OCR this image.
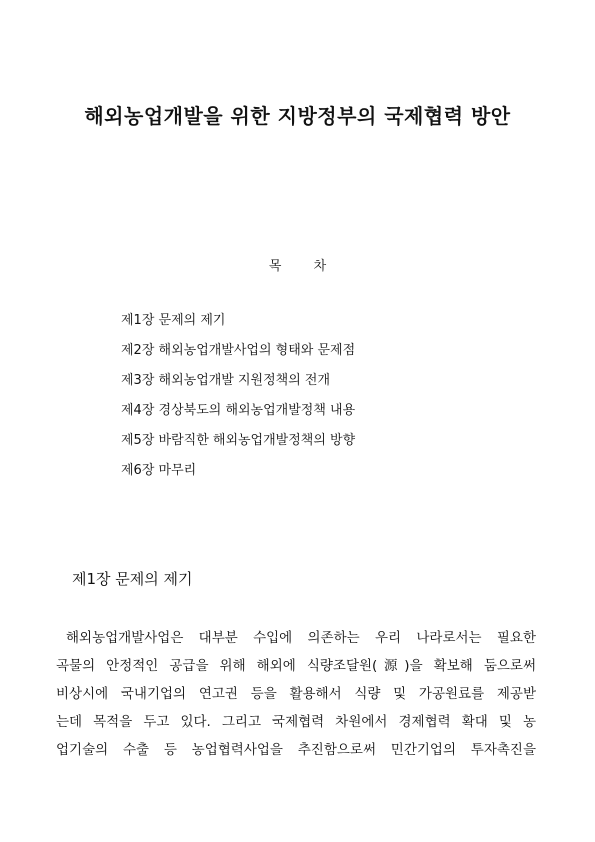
해외농업개발을 위한 지방정부의 국제협력 방안
목 차
제1장 문제의 제기
제2장 해외농업개발사업의 형태와 문제점
제3장 해외농업개발 지원정책의 전개
제4장 경상북도의 해외농업개발정책 내용
제5장 바람직한 해외농업개발정책의 방향
제6장 마무리
제1장 문제의 제기

해외농업개발사업은 대부분 수입에 의존하는 우리 나라로서는 필요한
곡물의 안정적인 공급을 위해 해외에 식량조달원(源)을 확보해 둠으로써
비상시에 국내기업의 연고권 등을 활용해서 식량 및 가공원료를 제공받
는데 목적을 두고 있다. 그리고 국제협력 차원에서 경제협력 확대 및 농
업기술의 수출 등 농업협력사업을 추진함으로써 민간기업의 투자촉진을
